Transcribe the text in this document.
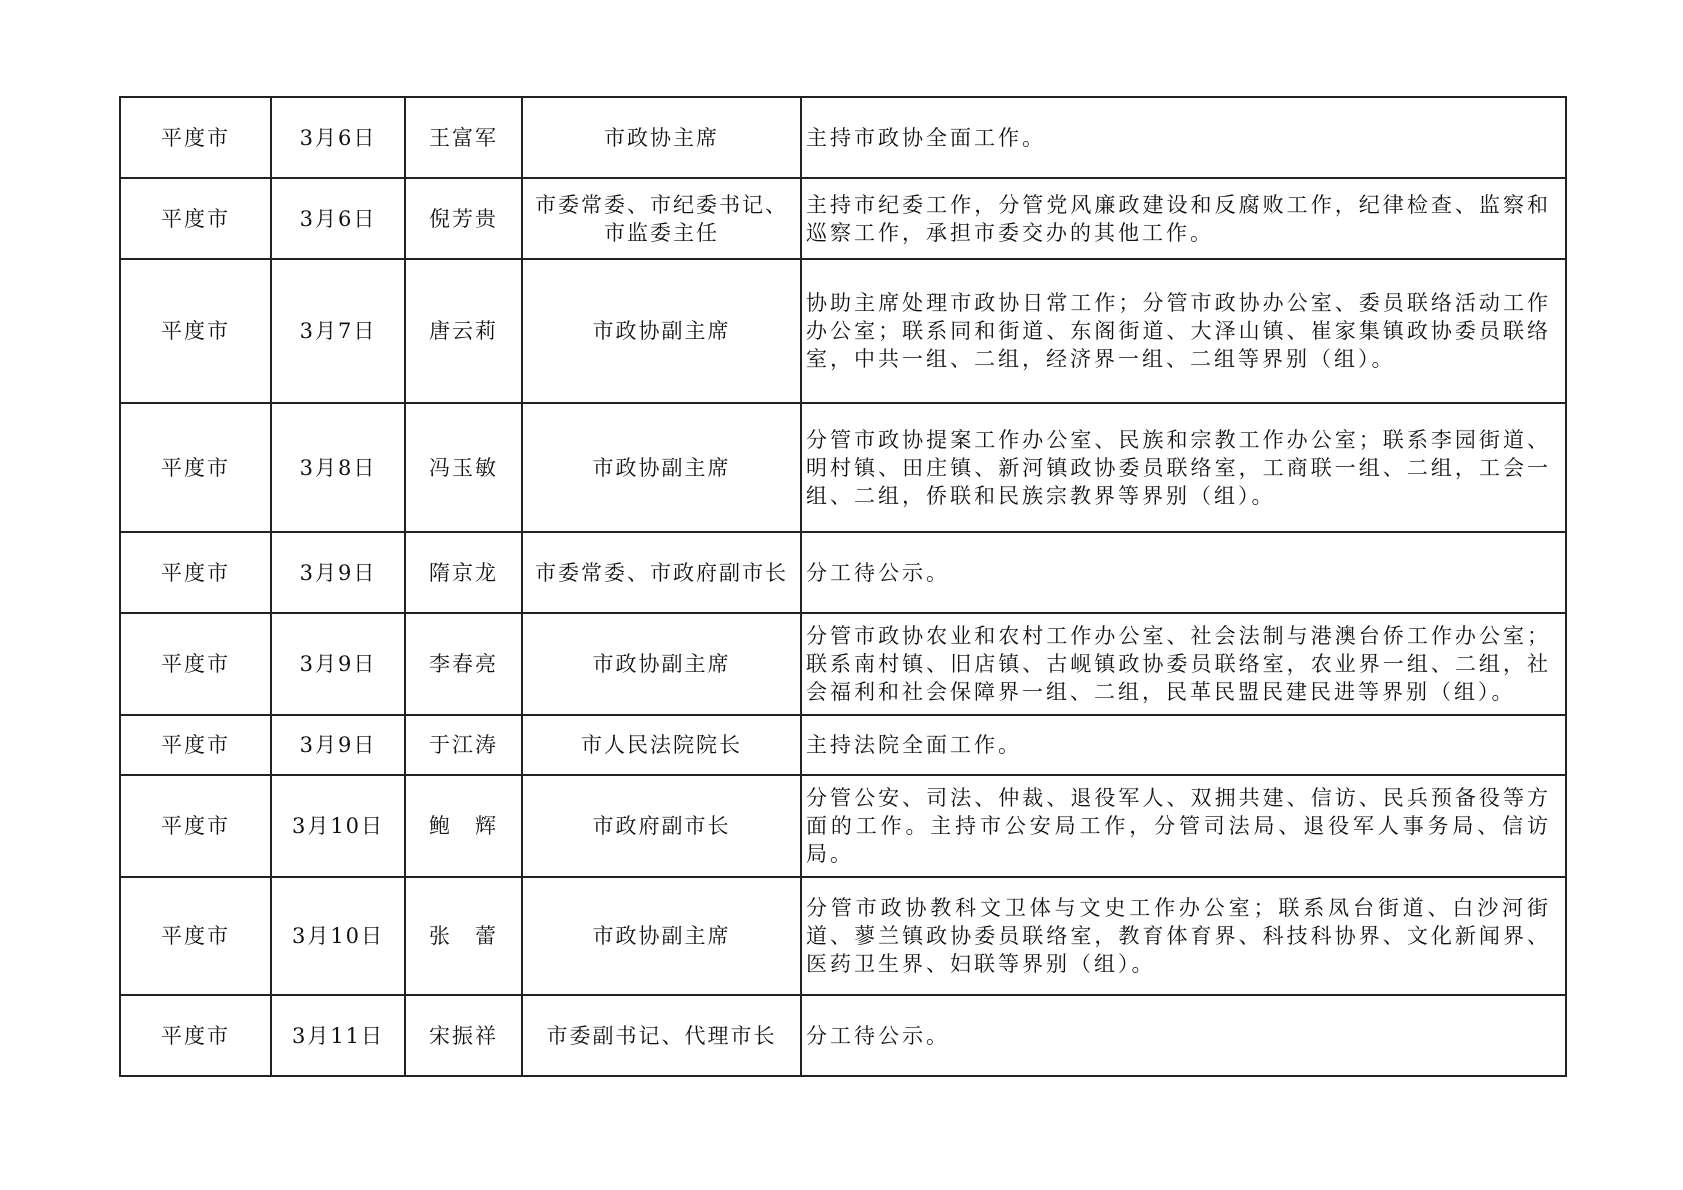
平度市	3月6日	王富军	市政协主席	主持市政协全面工作。
平度市	3月6日	倪芳贵	市委常委、市纪委书记、市监委主任	主持市纪委工作，分管党风廉政建设和反腐败工作，纪律检查、监察和巡察工作，承担市委交办的其他工作。
平度市	3月7日	唐云莉	市政协副主席	协助主席处理市政协日常工作；分管市政协办公室、委员联络活动工作办公室；联系同和街道、东阁街道、大泽山镇、崔家集镇政协委员联络室，中共一组、二组，经济界一组、二组等界别（组）。
平度市	3月8日	冯玉敏	市政协副主席	分管市政协提案工作办公室、民族和宗教工作办公室；联系李园街道、明村镇、田庄镇、新河镇政协委员联络室，工商联一组、二组，工会一组、二组，侨联和民族宗教界等界别（组）。
平度市	3月9日	隋京龙	市委常委、市政府副市长	分工待公示。
平度市	3月9日	李春亮	市政协副主席	分管市政协农业和农村工作办公室、社会法制与港澳台侨工作办公室；联系南村镇、旧店镇、古岘镇政协委员联络室，农业界一组、二组，社会福利和社会保障界一组、二组，民革民盟民建民进等界别（组）。
平度市	3月9日	于江涛	市人民法院院长	主持法院全面工作。
平度市	3月10日	鲍　辉	市政府副市长	分管公安、司法、仲裁、退役军人、双拥共建、信访、民兵预备役等方面的工作。主持市公安局工作，分管司法局、退役军人事务局、信访局。
平度市	3月10日	张　蕾	市政协副主席	分管市政协教科文卫体与文史工作办公室；联系凤台街道、白沙河街道、蓼兰镇政协委员联络室，教育体育界、科技科协界、文化新闻界、医药卫生界、妇联等界别（组）。
平度市	3月11日	宋振祥	市委副书记、代理市长	分工待公示。
